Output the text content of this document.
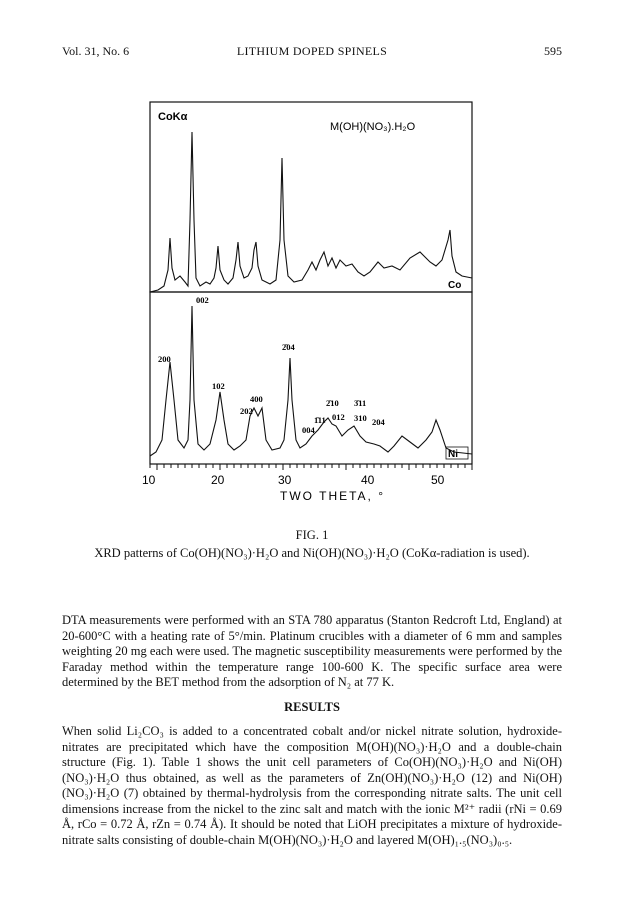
Vol. 31, No. 6	LITHIUM DOPED SPINELS	595
CoKα
M(OH)(NO₃).H₂O
Co
Ni
002
200
102
400
202
2̄04
2̄10 3̄11
1̄11 012 310
004
204
10	20	30	40	50
TWO THETA, °
FIG. 1
XRD patterns of Co(OH)(NO₃)·H₂O and Ni(OH)(NO₃)·H₂O (CoKα-radiation is used).

DTA measurements were performed with an STA 780 apparatus (Stanton Redcroft Ltd, England) at 20-600°C with a heating rate of 5°/min. Platinum crucibles with a diameter of 6 mm and samples weighting 20 mg each were used. The magnetic susceptibility measurements were performed by the Faraday method within the temperature range 100-600 K. The specific surface area were determined by the BET method from the adsorption of N₂ at 77 K.

RESULTS

When solid Li₂CO₃ is added to a concentrated cobalt and/or nickel nitrate solution, hydroxide-nitrates are precipitated which have the composition M(OH)(NO₃)·H₂O and a double-chain structure (Fig. 1). Table 1 shows the unit cell parameters of Co(OH)(NO₃)·H₂O and Ni(OH)(NO₃)·H₂O thus obtained, as well as the parameters of Zn(OH)(NO₃)·H₂O (12) and Ni(OH)(NO₃)·H₂O (7) obtained by thermal-hydrolysis from the corresponding nitrate salts. The unit cell dimensions increase from the nickel to the zinc salt and match with the ionic M²⁺ radii (rNi = 0.69 Å, rCo = 0.72 Å, rZn = 0.74 Å). It should be noted that LiOH precipitates a mixture of hydroxide-nitrate salts consisting of double-chain M(OH)(NO₃)·H₂O and layered M(OH)₁.₅(NO₃)₀.₅.
